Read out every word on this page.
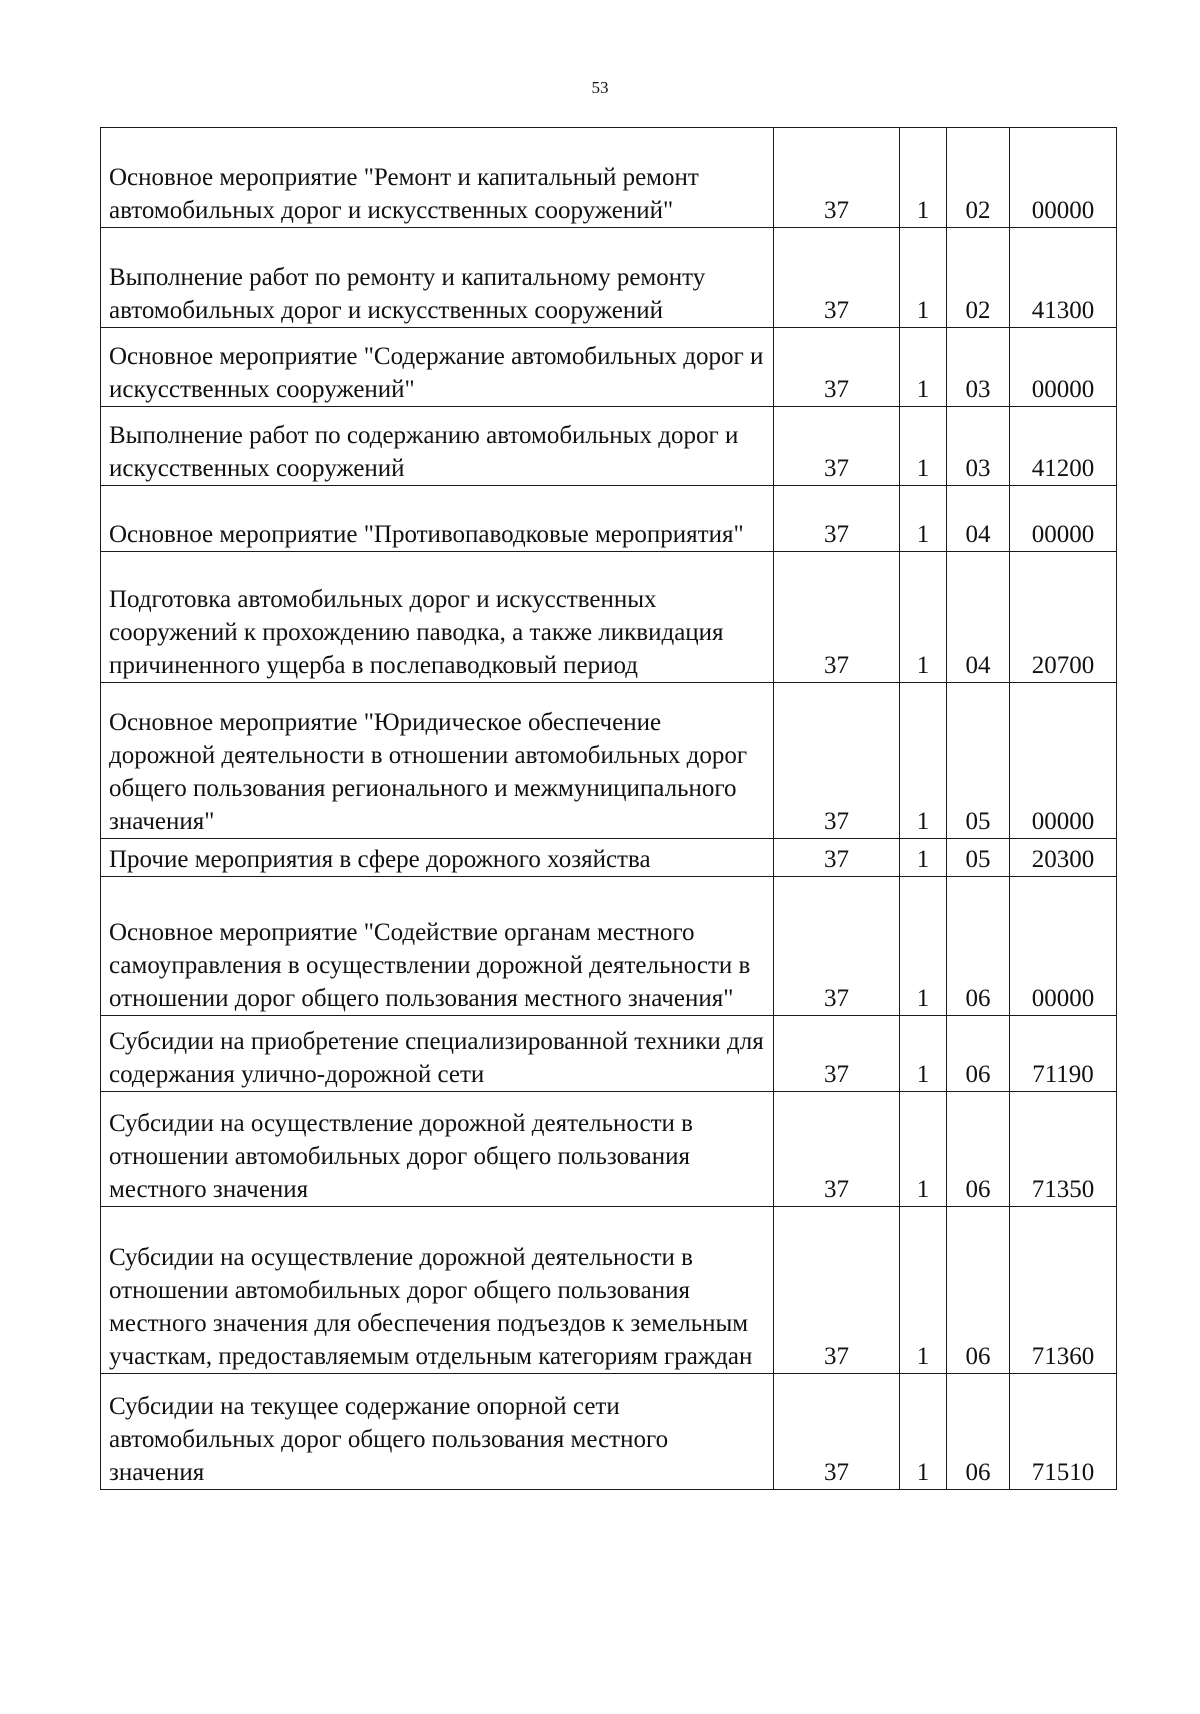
53
Основное мероприятие "Ремонт и капитальный ремонт автомобильных дорог и искусственных сооружений"	37	1	02	00000
Выполнение работ по ремонту и капитальному ремонту автомобильных дорог и искусственных сооружений	37	1	02	41300
Основное мероприятие "Содержание автомобильных дорог и искусственных сооружений"	37	1	03	00000
Выполнение работ по содержанию автомобильных дорог и искусственных сооружений	37	1	03	41200
Основное мероприятие "Противопаводковые мероприятия"	37	1	04	00000
Подготовка автомобильных дорог и искусственных сооружений к прохождению паводка, а также ликвидация причиненного ущерба в послепаводковый период	37	1	04	20700
Основное мероприятие "Юридическое обеспечение дорожной деятельности в отношении автомобильных дорог общего пользования регионального и межмуниципального значения"	37	1	05	00000
Прочие мероприятия в сфере дорожного хозяйства	37	1	05	20300
Основное мероприятие "Содействие органам местного самоуправления в осуществлении дорожной деятельности в отношении дорог общего пользования местного значения"	37	1	06	00000
Субсидии на приобретение специализированной техники для содержания улично-дорожной сети	37	1	06	71190
Субсидии на осуществление дорожной деятельности в отношении автомобильных дорог общего пользования местного значения	37	1	06	71350
Субсидии на осуществление дорожной деятельности в отношении автомобильных дорог общего пользования местного значения для обеспечения подъездов к земельным участкам, предоставляемым отдельным категориям граждан	37	1	06	71360
Субсидии на текущее содержание опорной сети автомобильных дорог общего пользования местного значения	37	1	06	71510
